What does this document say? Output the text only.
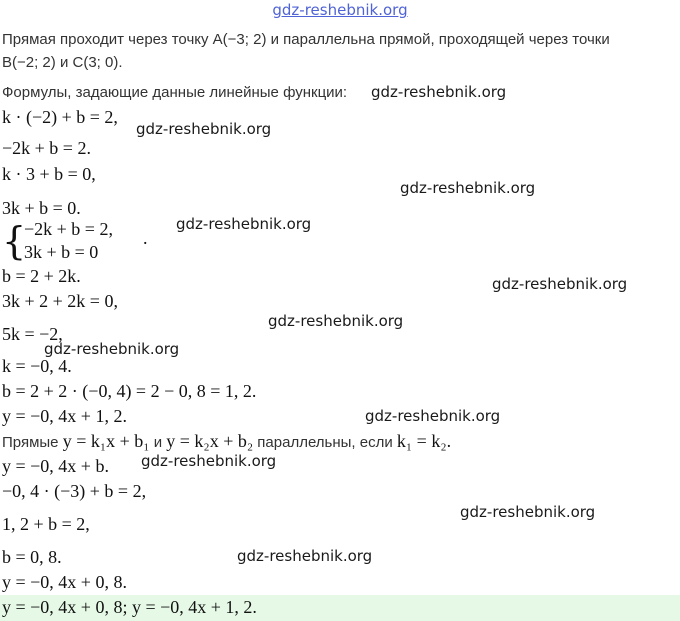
gdz-reshebnik.org
Прямая проходит через точку A(−3; 2) и параллельна прямой, проходящей через точки
B(−2; 2) и C(3; 0).
Формулы, задающие данные линейные функции:
k · (−2) + b = 2,
−2k + b = 2.
k · 3 + b = 0,
3k + b = 0.
{
−2k + b = 2,
3k + b = 0
.
b = 2 + 2k.
3k + 2 + 2k = 0,
5k = −2,
k = −0, 4.
b = 2 + 2 · (−0, 4) = 2 − 0, 8 = 1, 2.
y = −0, 4x + 1, 2.
Прямые y = k₁x + b₁ и y = k₂x + b₂ параллельны, если k₁ = k₂.
y = −0, 4x + b.
−0, 4 · (−3) + b = 2,
1, 2 + b = 2,
b = 0, 8.
y = −0, 4x + 0, 8.
y = −0, 4x + 0, 8; y = −0, 4x + 1, 2.
gdz-reshebnik.org
gdz-reshebnik.org
gdz-reshebnik.org
gdz-reshebnik.org
gdz-reshebnik.org
gdz-reshebnik.org
gdz-reshebnik.org
gdz-reshebnik.org
gdz-reshebnik.org
gdz-reshebnik.org
gdz-reshebnik.org
